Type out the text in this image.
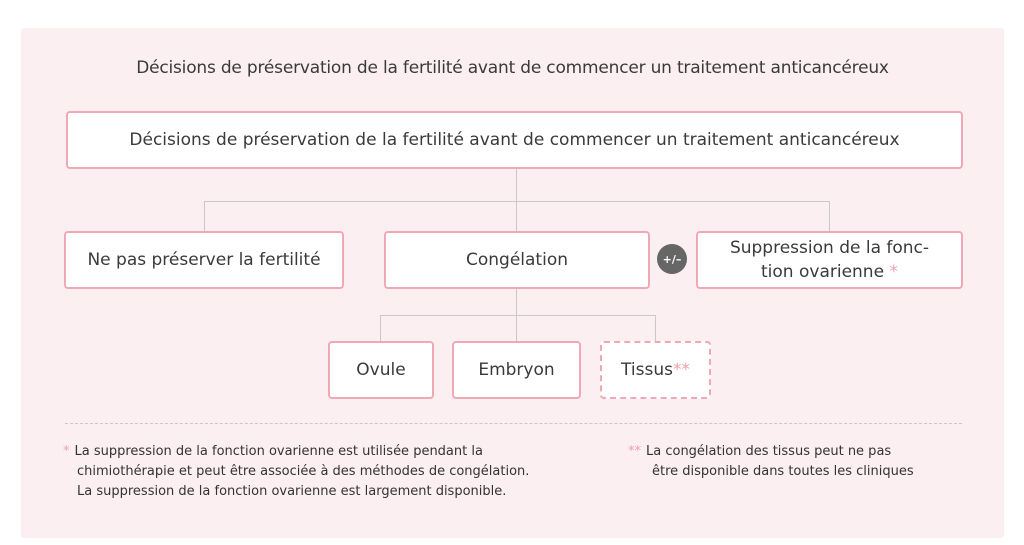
Décisions de préservation de la fertilité avant de commencer un traitement anticancéreux
Décisions de préservation de la fertilité avant de commencer un traitement anticancéreux
Ne pas préserver la fertilité	Congélation	+/–
Suppression de la fonc-
tion ovarienne *
Ovule	Embryon	Tissus**
* La suppression de la fonction ovarienne est utilisée pendant la
chimiothérapie et peut être associée à des méthodes de congélation.
La suppression de la fonction ovarienne est largement disponible.
** La congélation des tissus peut ne pas
être disponible dans toutes les cliniques
